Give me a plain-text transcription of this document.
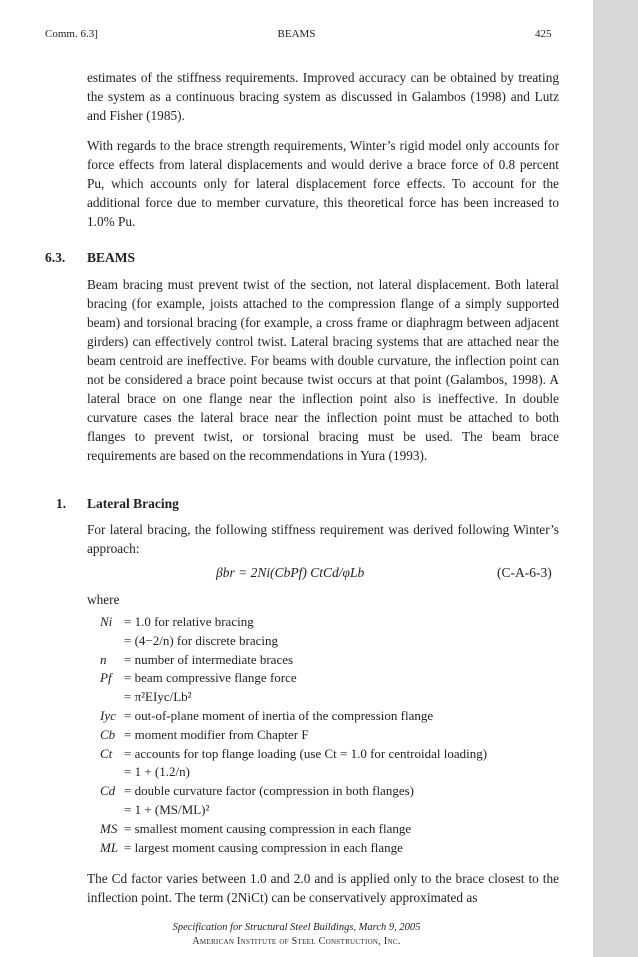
Comm. 6.3]	BEAMS	425

estimates of the stiffness requirements. Improved accuracy can be obtained by treating the system as a continuous bracing system as discussed in Galambos (1998) and Lutz and Fisher (1985).

With regards to the brace strength requirements, Winter’s rigid model only accounts for force effects from lateral displacements and would derive a brace force of 0.8 percent Pu, which accounts only for lateral displacement force effects. To account for the additional force due to member curvature, this theoretical force has been increased to 1.0% Pu.

6.3. BEAMS

Beam bracing must prevent twist of the section, not lateral displacement. Both lateral bracing (for example, joists attached to the compression flange of a simply supported beam) and torsional bracing (for example, a cross frame or diaphragm between adjacent girders) can effectively control twist. Lateral bracing systems that are attached near the beam centroid are ineffective. For beams with double curvature, the inflection point can not be considered a brace point because twist occurs at that point (Galambos, 1998). A lateral brace on one flange near the inflection point also is ineffective. In double curvature cases the lateral brace near the inflection point must be attached to both flanges to prevent twist, or torsional bracing must be used. The beam brace requirements are based on the recommendations in Yura (1993).

1. Lateral Bracing

For lateral bracing, the following stiffness requirement was derived following Winter’s approach:

βbr = 2Ni(CbPf) CtCd/φLb	(C-A-6-3)
where
Ni = 1.0 for relative bracing
= (4−2/n) for discrete bracing
n = number of intermediate braces
Pf = beam compressive flange force
= π²EIyc/Lb²
Iyc = out-of-plane moment of inertia of the compression flange
Cb = moment modifier from Chapter F
Ct = accounts for top flange loading (use Ct = 1.0 for centroidal loading)
= 1 + (1.2/n)
Cd = double curvature factor (compression in both flanges)
= 1 + (MS/ML)²
MS = smallest moment causing compression in each flange
ML = largest moment causing compression in each flange

The Cd factor varies between 1.0 and 2.0 and is applied only to the brace closest to the inflection point. The term (2NiCt) can be conservatively approximated as

Specification for Structural Steel Buildings, March 9, 2005
American Institute of Steel Construction, Inc.
